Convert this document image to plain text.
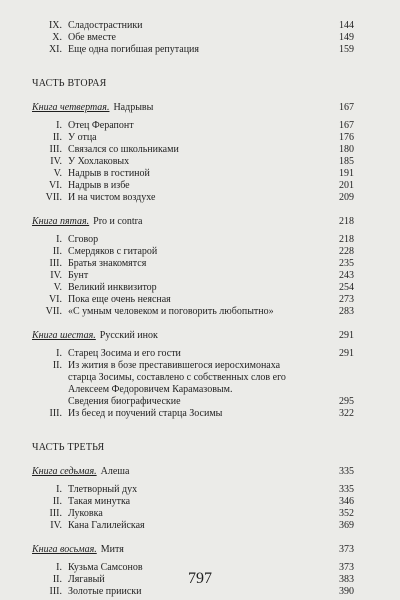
IX. Сладострастники	144
X. Обе вместе	149
XI. Еще одна погибшая репутация	159
ЧАСТЬ ВТОРАЯ
Книга четвертая. Надрывы	167
I. Отец Ферапонт	167
II. У отца	176
III. Связался со школьниками	180
IV. У Хохлаковых	185
V. Надрыв в гостиной	191
VI. Надрыв в избе	201
VII. И на чистом воздухе	209
Книга пятая. Pro и contra	218
I. Сговор	218
II. Смердяков с гитарой	228
III. Братья знакомятся	235
IV. Бунт	243
V. Великий инквизитор	254
VI. Пока еще очень неясная	273
VII. «С умным человеком и поговорить любопытно»	283
Книга шестая. Русский инок	291
I. Старец Зосима и его гости	291
II. Из жития в бозе преставившегося иеросхимонаха
старца Зосимы, составлено с собственных слов его
Алексеем Федоровичем Карамазовым.
Сведения биографические	295
III. Из бесед и поучений старца Зосимы	322
ЧАСТЬ ТРЕТЬЯ
Книга седьмая. Алеша	335
I. Тлетворный дух	335
II. Такая минутка	346
III. Луковка	352
IV. Кана Галилейская	369
Книга восьмая. Митя	373
I. Кузьма Самсонов	373
II. Лягавый	383
III. Золотые прииски	390
797
